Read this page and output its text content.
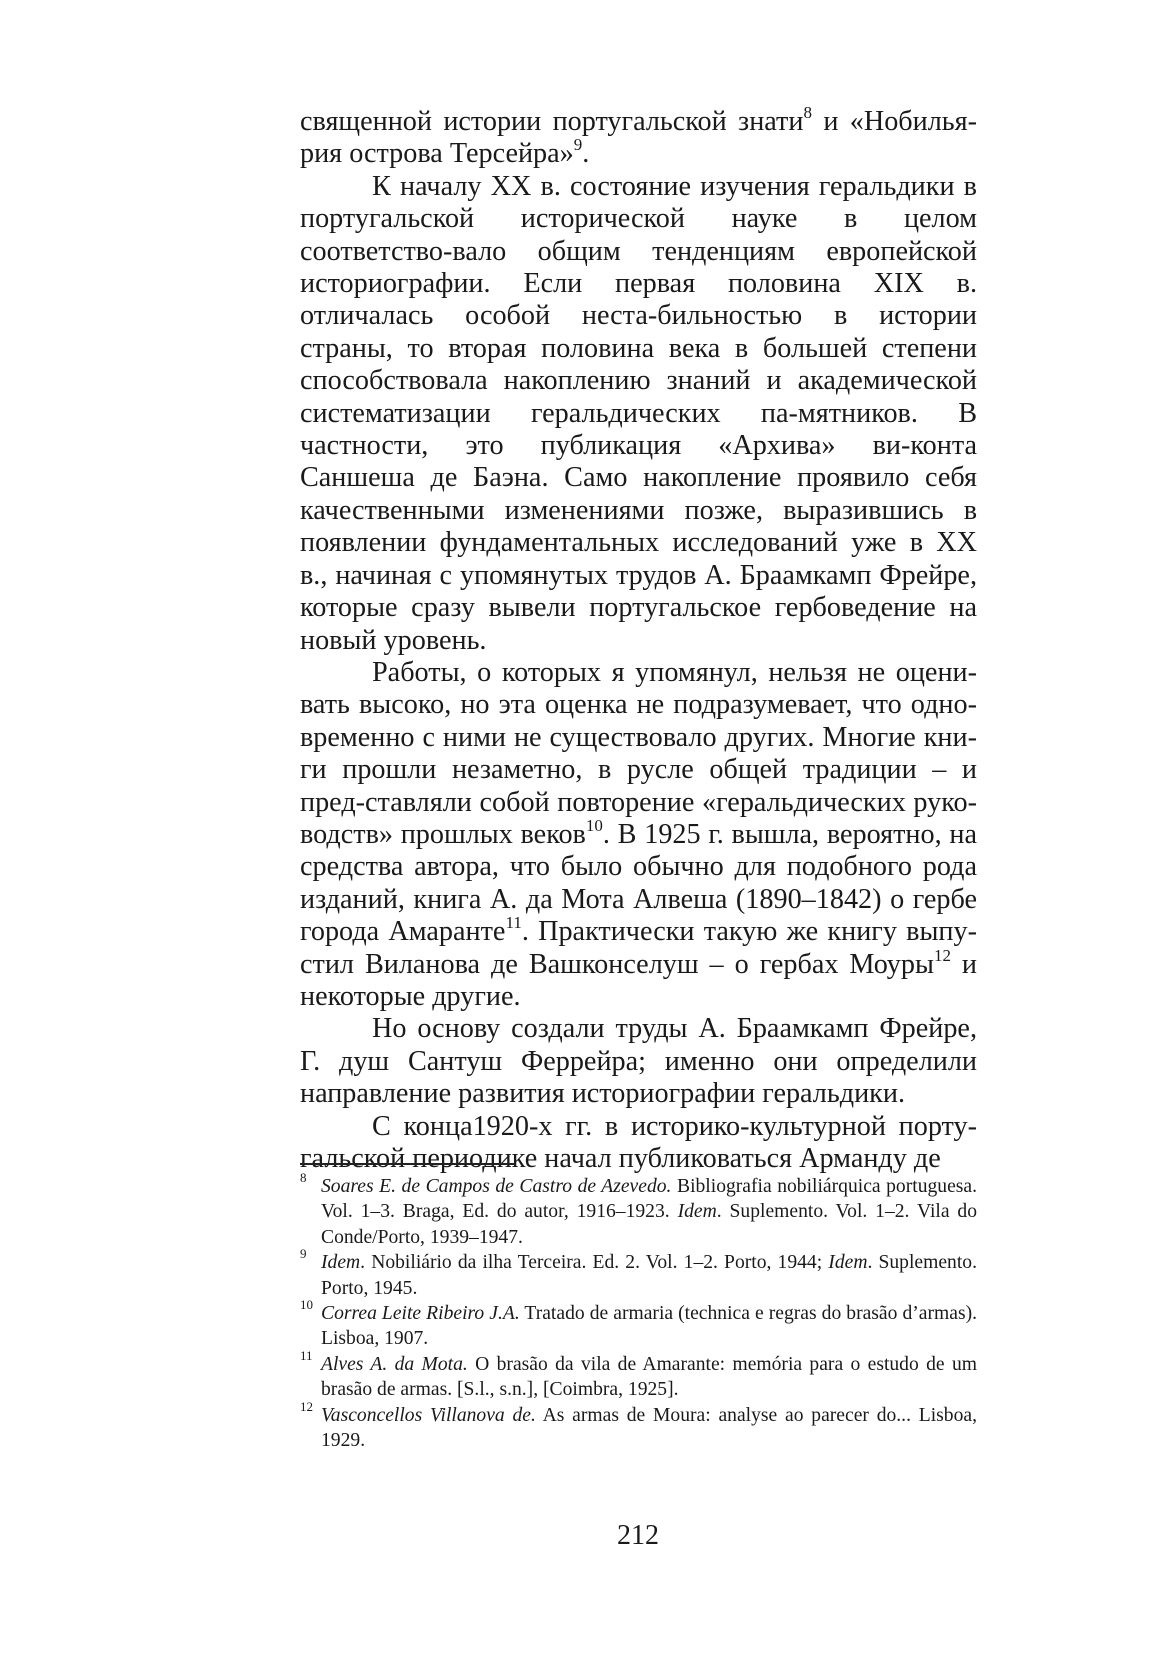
священной истории португальской знати$^8$ и «Нобилья-рия острова Терсейра»$^9$.

К началу XX в. состояние изучения геральдики в португальской исторической науке в целом соответство-вало общим тенденциям европейской историографии. Если первая половина XIX в. отличалась особой неста-бильностью в истории страны, то вторая половина века в большей степени способствовала накоплению знаний и академической систематизации геральдических па-мятников. В частности, это публикация «Архива» ви-конта Саншеша де Баэна. Само накопление проявило себя качественными изменениями позже, выразившись в появлении фундаментальных исследований уже в XX в., начиная с упомянутых трудов А. Браамкамп Фрейре, которые сразу вывели португальское гербоведение на новый уровень.

Работы, о которых я упомянул, нельзя не оцени-вать высоко, но эта оценка не подразумевает, что одно-временно с ними не существовало других. Многие кни-ги прошли незаметно, в русле общей традиции – и пред-ставляли собой повторение «геральдических руко-водств» прошлых веков$^{10}$. В 1925 г. вышла, вероятно, на средства автора, что было обычно для подобного рода изданий, книга А. да Мота Алвеша (1890–1842) о гербе города Амаранте$^{11}$. Практически такую же книгу выпу-стил Виланова де Вашконселуш – о гербах Моуры$^{12}$ и некоторые другие.

Но основу создали труды А. Браамкамп Фрейре, Г. душ Сантуш Феррейра; именно они определили направление развития историографии геральдики.

С конца1920-х гг. в историко-культурной порту-гальской периодике начал публиковаться Арманду де

8 Soares E. de Campos de Castro de Azevedo. Bibliografia nobiliárquica portuguesa. Vol. 1–3. Braga, Ed. do autor, 1916–1923. Idem. Suplemento. Vol. 1–2. Vila do Conde/Porto, 1939–1947.

9 Idem. Nobiliário da ilha Terceira. Ed. 2. Vol. 1–2. Porto, 1944; Idem. Suplemento. Porto, 1945.

10 Correa Leite Ribeiro J.A. Tratado de armaria (technica e regras do brasão d’armas). Lisboa, 1907.

11 Alves A. da Mota. O brasão da vila de Amarante: memória para o estudo de um brasão de armas. [S.l., s.n.], [Coimbra, 1925].

12 Vasconcellos Villanova de. As armas de Moura: analyse ao parecer do... Lisboa, 1929.

212
